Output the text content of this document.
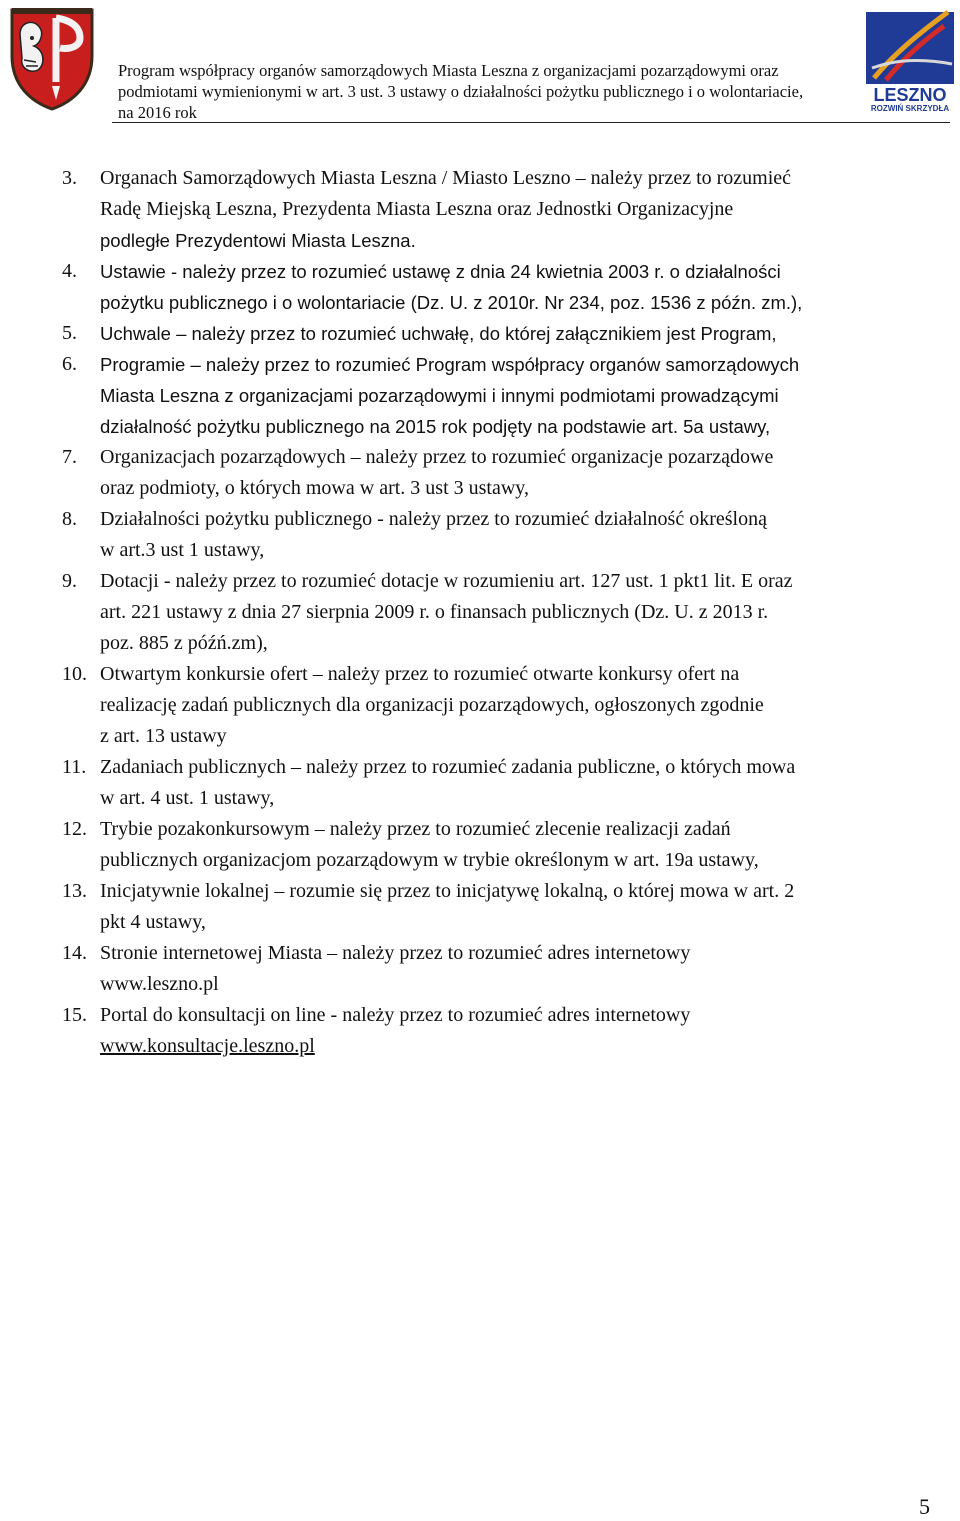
Program współpracy organów samorządowych Miasta Leszna z organizacjami pozarządowymi oraz
podmiotami wymienionymi w art. 3 ust. 3 ustawy o działalności pożytku publicznego i o wolontariacie,
na 2016 rok
LESZNO
ROZWIŃ SKRZYDŁA
3.	Organach Samorządowych Miasta Leszna / Miasto Leszno – należy przez to rozumieć
Radę Miejską Leszna, Prezydenta Miasta Leszna oraz Jednostki Organizacyjne
podległe Prezydentowi Miasta Leszna.
4.	Ustawie - należy przez to rozumieć ustawę z dnia 24 kwietnia 2003 r. o działalności
pożytku publicznego i o wolontariacie (Dz. U. z 2010r. Nr 234, poz. 1536 z późn. zm.),
5.	Uchwale – należy przez to rozumieć uchwałę, do której załącznikiem jest Program,
6.	Programie – należy przez to rozumieć Program współpracy organów samorządowych
Miasta Leszna z organizacjami pozarządowymi i innymi podmiotami prowadzącymi
działalność pożytku publicznego na 2015 rok podjęty na podstawie art. 5a ustawy,
7.	Organizacjach pozarządowych – należy przez to rozumieć organizacje pozarządowe
oraz podmioty, o których mowa w art. 3 ust 3 ustawy,
8.	Działalności pożytku publicznego - należy przez to rozumieć działalność określoną
w art.3 ust 1 ustawy,
9.	Dotacji - należy przez to rozumieć dotacje w rozumieniu art. 127 ust. 1 pkt1 lit. E oraz
art. 221 ustawy z dnia 27 sierpnia 2009 r. o finansach publicznych (Dz. U. z 2013 r.
poz. 885 z późń.zm),
10. Otwartym konkursie ofert – należy przez to rozumieć otwarte konkursy ofert na
realizację zadań publicznych dla organizacji pozarządowych, ogłoszonych zgodnie
z art. 13 ustawy
11. Zadaniach publicznych – należy przez to rozumieć zadania publiczne, o których mowa
w art. 4 ust. 1 ustawy,
12. Trybie pozakonkursowym – należy przez to rozumieć zlecenie realizacji zadań
publicznych organizacjom pozarządowym w trybie określonym w art. 19a ustawy,
13. Inicjatywnie lokalnej – rozumie się przez to inicjatywę lokalną, o której mowa w art. 2
pkt 4 ustawy,
14. Stronie internetowej Miasta – należy przez to rozumieć adres internetowy
www.leszno.pl
15. Portal do konsultacji on line - należy przez to rozumieć adres internetowy
www.konsultacje.leszno.pl
5
